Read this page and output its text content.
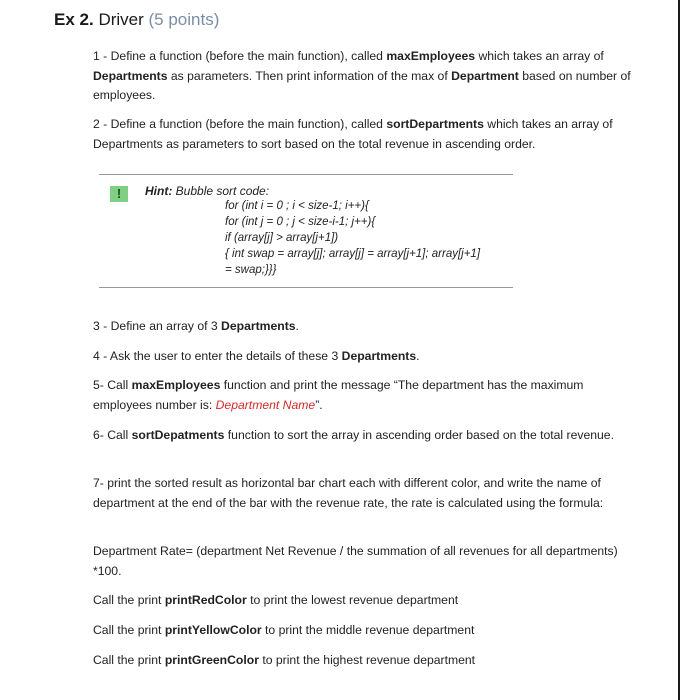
Ex 2. Driver (5 points)
1 - Define a function (before the main function), called maxEmployees which takes an array of Departments as parameters. Then print information of the max of Department based on number of employees.
2 - Define a function (before the main function), called sortDepartments which takes an array of Departments as parameters to sort based on the total revenue in ascending order.
!	Hint: Bubble sort code:
for (int i = 0 ; i < size-1; i++){
for (int j = 0 ; j < size-i-1; j++){
if (array[j] > array[j+1])
{ int swap = array[j]; array[j] = array[j+1]; array[j+1]
= swap;}}}
3 - Define an array of 3 Departments.
4 - Ask the user to enter the details of these 3 Departments.
5- Call maxEmployees function and print the message “The department has the maximum employees number is: Department Name”.
6- Call sortDepatments function to sort the array in ascending order based on the total revenue.
7- print the sorted result as horizontal bar chart each with different color, and write the name of department at the end of the bar with the revenue rate, the rate is calculated using the formula:
Department Rate= (department Net Revenue / the summation of all revenues for all departments) *100.
Call the print printRedColor to print the lowest revenue department
Call the print printYellowColor to print the middle revenue department
Call the print printGreenColor to print the highest revenue department
